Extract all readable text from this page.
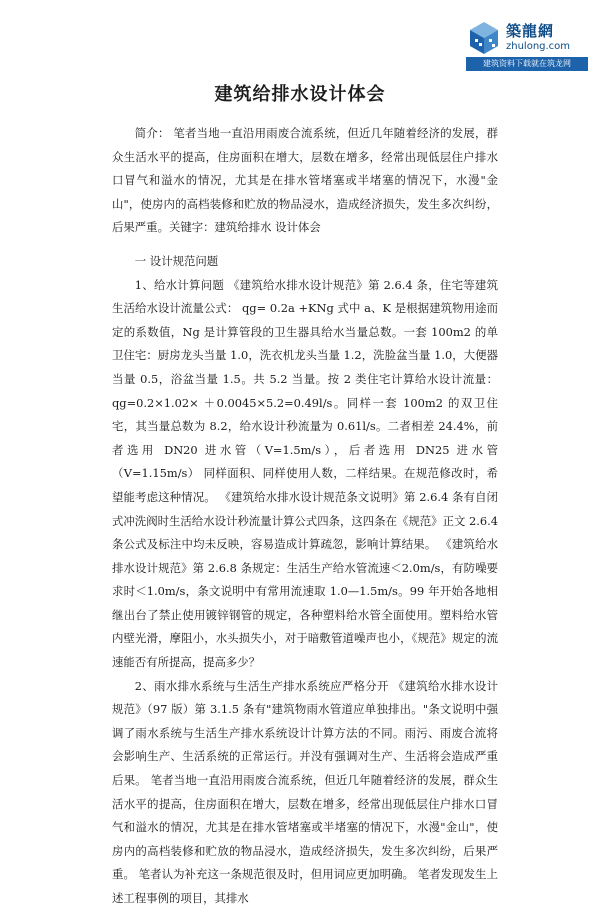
築龍網
zhulong.com
建筑资料下载就在筑龙网
建筑给排水设计体会

简介： 笔者当地一直沿用雨废合流系统，但近几年随着经济的发展，群众生活水平的提高，住房面积在增大，层数在增多，经常出现低层住户排水口冒气和溢水的情况，尤其是在排水管堵塞或半堵塞的情况下，水漫"金山"，使房内的高档装修和贮放的物品浸水，造成经济损失，发生多次纠纷，后果严重。关键字：建筑给排水 设计体会

一 设计规范问题

1、给水计算问题 《建筑给水排水设计规范》第 2.6.4 条，住宅等建筑生活给水设计流量公式： qg= 0.2a +KNg 式中 a、K 是根据建筑物用途而定的系数值，Ng 是计算管段的卫生器具给水当量总数。一套 100m2 的单卫住宅：厨房龙头当量 1.0，洗衣机龙头当量 1.2，洗脸盆当量 1.0，大便器当量 0.5，浴盆当量 1.5。共 5.2 当量。按 2 类住宅计算给水设计流量：qg=0.2×1.02× ＋0.0045×5.2=0.49l/s。同样一套 100m2 的双卫住宅，其当量总数为 8.2，给水设计秒流量为 0.61l/s。二者相差 24.4%，前者选用 DN20 进水管（V=1.5m/s），后者选用 DN25 进水管（V=1.15m/s） 同样面积、同样使用人数，二样结果。在规范修改时，希望能考虑这种情况。 《建筑给水排水设计规范条文说明》第 2.6.4 条有自闭式冲洗阀时生活给水设计秒流量计算公式四条，这四条在《规范》正文 2.6.4 条公式及标注中均未反映，容易造成计算疏忽，影响计算结果。 《建筑给水排水设计规范》第 2.6.8 条规定：生活生产给水管流速＜2.0m/s，有防噪要求时＜1.0m/s，条文说明中有常用流速取 1.0—1.5m/s。99 年开始各地相继出台了禁止使用镀锌钢管的规定，各种塑料给水管全面使用。塑料给水管内壁光滑，摩阻小，水头损失小，对于暗敷管道噪声也小，《规范》规定的流速能否有所提高，提高多少？

2、雨水排水系统与生活生产排水系统应严格分开 《建筑给水排水设计规范》（97 版）第 3.1.5 条有"建筑物雨水管道应单独排出。"条文说明中强调了雨水系统与生活生产排水系统设计计算方法的不同。雨污、雨废合流将会影响生产、生活系统的正常运行。并没有强调对生产、生活将会造成严重后果。 笔者当地一直沿用雨废合流系统，但近几年随着经济的发展，群众生活水平的提高，住房面积在增大，层数在增多，经常出现低层住户排水口冒气和溢水的情况，尤其是在排水管堵塞或半堵塞的情况下，水漫"金山"，使房内的高档装修和贮放的物品浸水，造成经济损失，发生多次纠纷，后果严重。 笔者认为补充这一条规范很及时，但用词应更加明确。 笔者发现发生上述工程事例的项目，其排水
